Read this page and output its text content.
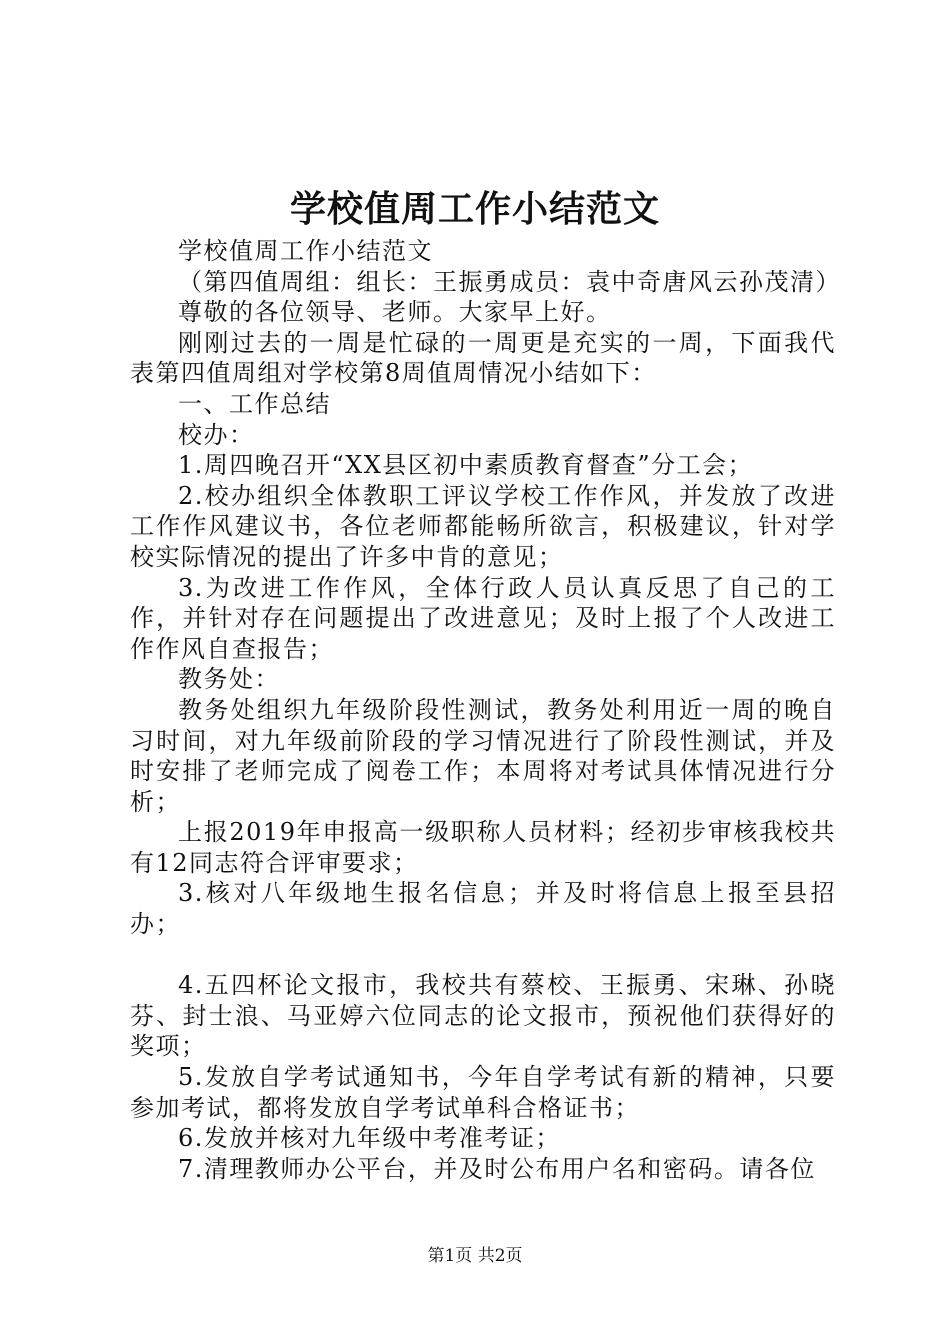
学校值周工作小结范文

学校值周工作小结范文

（第四值周组：组长：王振勇成员：袁中奇唐风云孙茂清）

尊敬的各位领导、老师。大家早上好。

刚刚过去的一周是忙碌的一周更是充实的一周，下面我代表第四值周组对学校第8周值周情况小结如下：

一、工作总结

校办：

1.周四晚召开“XX县区初中素质教育督查”分工会；

2.校办组织全体教职工评议学校工作作风，并发放了改进工作作风建议书，各位老师都能畅所欲言，积极建议，针对学校实际情况的提出了许多中肯的意见；

3.为改进工作作风，全体行政人员认真反思了自己的工作，并针对存在问题提出了改进意见；及时上报了个人改进工作作风自查报告；

教务处：

教务处组织九年级阶段性测试，教务处利用近一周的晚自习时间，对九年级前阶段的学习情况进行了阶段性测试，并及时安排了老师完成了阅卷工作；本周将对考试具体情况进行分析；

上报2019年申报高一级职称人员材料；经初步审核我校共有12同志符合评审要求；

3.核对八年级地生报名信息；并及时将信息上报至县招办；

4.五四杯论文报市，我校共有蔡校、王振勇、宋琳、孙晓芬、封士浪、马亚婷六位同志的论文报市，预祝他们获得好的奖项；

5.发放自学考试通知书，今年自学考试有新的精神，只要参加考试，都将发放自学考试单科合格证书；

6.发放并核对九年级中考准考证；

7.清理教师办公平台，并及时公布用户名和密码。请各位

第1页 共2页
